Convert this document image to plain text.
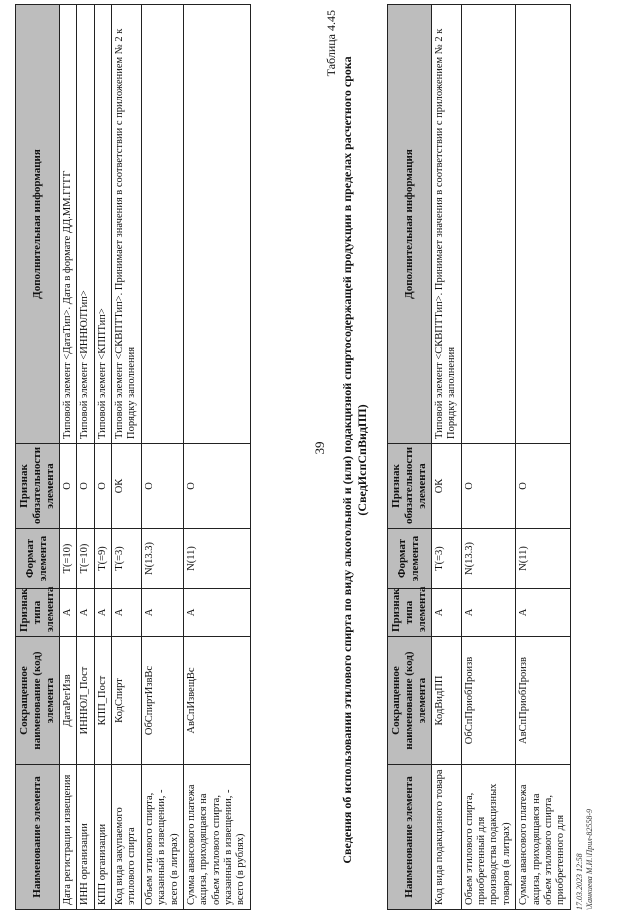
39
Наименование элемента	Сокращенное наименование (код) элемента	Признак типа элемента	Формат элемента	Признак обязательности элемента	Дополнительная информация
Дата регистрации извещения	ДатаРегИзв	А	Т(=10)	О	Типовой элемент <ДатаТип>. Дата в формате ДД.ММ.ГГГГ
ИНН организации	ИННЮЛ_Пост	А	Т(=10)	О	Типовой элемент <ИННЮЛТип>
КПП организации	КПП_Пост	А	Т(=9)	О	Типовой элемент <КППТип>
Код вида закупаемого этилового спирта	КодСпирт	А	Т(=3)	ОК	Типовой элемент <СКВПТТип>. Принимает значения в соответствии с приложением № 2 к Порядку заполнения
Объем этилового спирта, указанный в извещении, - всего (в литрах)	ОбСпиртИзвВс	А	N(13.3)	О	
Сумма авансового платежа акциза, приходящаяся на объем этилового спирта, указанный в извещении, - всего (в рублях)	АвСпИзвещВс	А	N(11)	О	
Таблица 4.45
Сведения об использовании этилового спирта по виду алкогольной и (или) подакцизной спиртосодержащей продукции в пределах расчетного срока (СведИспСпВидПП)
Наименование элемента	Сокращенное наименование (код) элемента	Признак типа элемента	Формат элемента	Признак обязательности элемента	Дополнительная информация
Код вида подакцизного товара	КодВидПП	А	Т(=3)	ОК	Типовой элемент <СКВПТТип>. Принимает значения в соответствии с приложением № 2 к Порядку заполнения
Объем этилового спирта, приобретенный для производства подакцизных товаров (в литрах)	ОбСпПриобПроизв	А	N(13.3)	О	
Сумма авансового платежа акциза, приходящаяся на объем этилового спирта, приобретенного для	АвСпПриобПроизв	А	N(11)	О	
17.03.2023 12:58 \Ханкиева М.И.\Прил-82558-9
